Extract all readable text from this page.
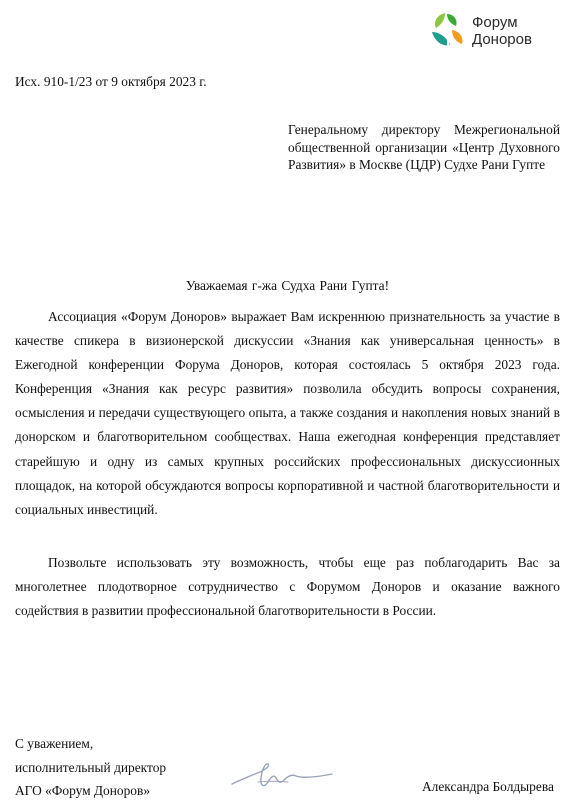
Форум
Доноров
Исх. 910-1/23 от 9 октября 2023 г.
Генеральному директору Межрегиональной общественной организации «Центр Духовного Развития» в Москве (ЦДР) Судхе Рани Гупте
Уважаемая г-жа Судха Рани Гупта!

Ассоциация «Форум Доноров» выражает Вам искреннюю признательность за участие в качестве спикера в визионерской дискуссии «Знания как универсальная ценность» в Ежегодной конференции Форума Доноров, которая состоялась 5 октября 2023 года. Конференция «Знания как ресурс развития» позволила обсудить вопросы сохранения, осмысления и передачи существующего опыта, а также создания и накопления новых знаний в донорском и благотворительном сообществах. Наша ежегодная конференция представляет старейшую и одну из самых крупных российских профессиональных дискуссионных площадок, на которой обсуждаются вопросы корпоративной и частной благотворительности и социальных инвестиций.

Позвольте использовать эту возможность, чтобы еще раз поблагодарить Вас за многолетнее плодотворное сотрудничество с Форумом Доноров и оказание важного содействия в развитии профессиональной благотворительности в России.

С уважением,
исполнительный директор
АГО «Форум Доноров»	Александра Болдырева
